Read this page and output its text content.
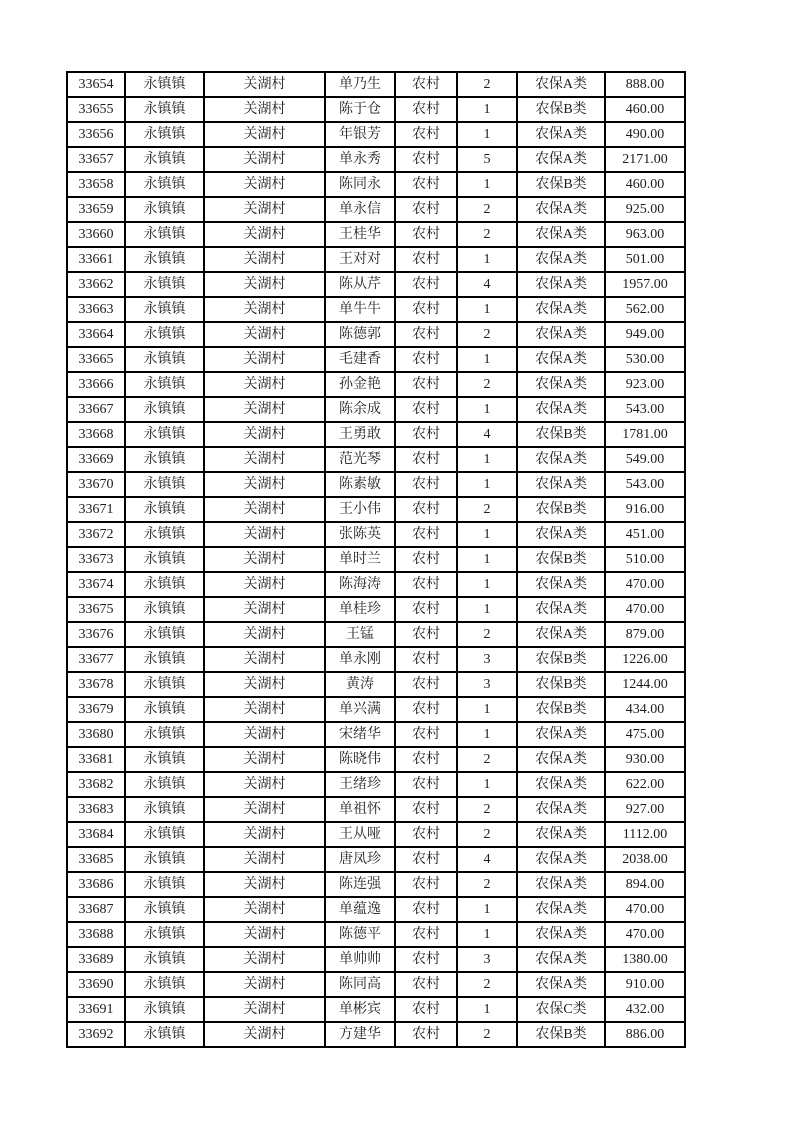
33654	永镇镇	关湖村	单乃生	农村	2	农保A类	888.00
33655	永镇镇	关湖村	陈于仓	农村	1	农保B类	460.00
33656	永镇镇	关湖村	年银芳	农村	1	农保A类	490.00
33657	永镇镇	关湖村	单永秀	农村	5	农保A类	2171.00
33658	永镇镇	关湖村	陈同永	农村	1	农保B类	460.00
33659	永镇镇	关湖村	单永信	农村	2	农保A类	925.00
33660	永镇镇	关湖村	王桂华	农村	2	农保A类	963.00
33661	永镇镇	关湖村	王对对	农村	1	农保A类	501.00
33662	永镇镇	关湖村	陈从芹	农村	4	农保A类	1957.00
33663	永镇镇	关湖村	单牛牛	农村	1	农保A类	562.00
33664	永镇镇	关湖村	陈德郭	农村	2	农保A类	949.00
33665	永镇镇	关湖村	毛建香	农村	1	农保A类	530.00
33666	永镇镇	关湖村	孙金艳	农村	2	农保A类	923.00
33667	永镇镇	关湖村	陈余成	农村	1	农保A类	543.00
33668	永镇镇	关湖村	王勇敢	农村	4	农保B类	1781.00
33669	永镇镇	关湖村	范光琴	农村	1	农保A类	549.00
33670	永镇镇	关湖村	陈素敏	农村	1	农保A类	543.00
33671	永镇镇	关湖村	王小伟	农村	2	农保B类	916.00
33672	永镇镇	关湖村	张陈英	农村	1	农保A类	451.00
33673	永镇镇	关湖村	单时兰	农村	1	农保B类	510.00
33674	永镇镇	关湖村	陈海涛	农村	1	农保A类	470.00
33675	永镇镇	关湖村	单桂珍	农村	1	农保A类	470.00
33676	永镇镇	关湖村	王锰	农村	2	农保A类	879.00
33677	永镇镇	关湖村	单永刚	农村	3	农保B类	1226.00
33678	永镇镇	关湖村	黄涛	农村	3	农保B类	1244.00
33679	永镇镇	关湖村	单兴满	农村	1	农保B类	434.00
33680	永镇镇	关湖村	宋绪华	农村	1	农保A类	475.00
33681	永镇镇	关湖村	陈晓伟	农村	2	农保A类	930.00
33682	永镇镇	关湖村	王绪珍	农村	1	农保A类	622.00
33683	永镇镇	关湖村	单祖怀	农村	2	农保A类	927.00
33684	永镇镇	关湖村	王从哑	农村	2	农保A类	1112.00
33685	永镇镇	关湖村	唐凤珍	农村	4	农保A类	2038.00
33686	永镇镇	关湖村	陈连强	农村	2	农保A类	894.00
33687	永镇镇	关湖村	单蕴逸	农村	1	农保A类	470.00
33688	永镇镇	关湖村	陈德平	农村	1	农保A类	470.00
33689	永镇镇	关湖村	单帅帅	农村	3	农保A类	1380.00
33690	永镇镇	关湖村	陈同高	农村	2	农保A类	910.00
33691	永镇镇	关湖村	单彬宾	农村	1	农保C类	432.00
33692	永镇镇	关湖村	方建华	农村	2	农保B类	886.00
